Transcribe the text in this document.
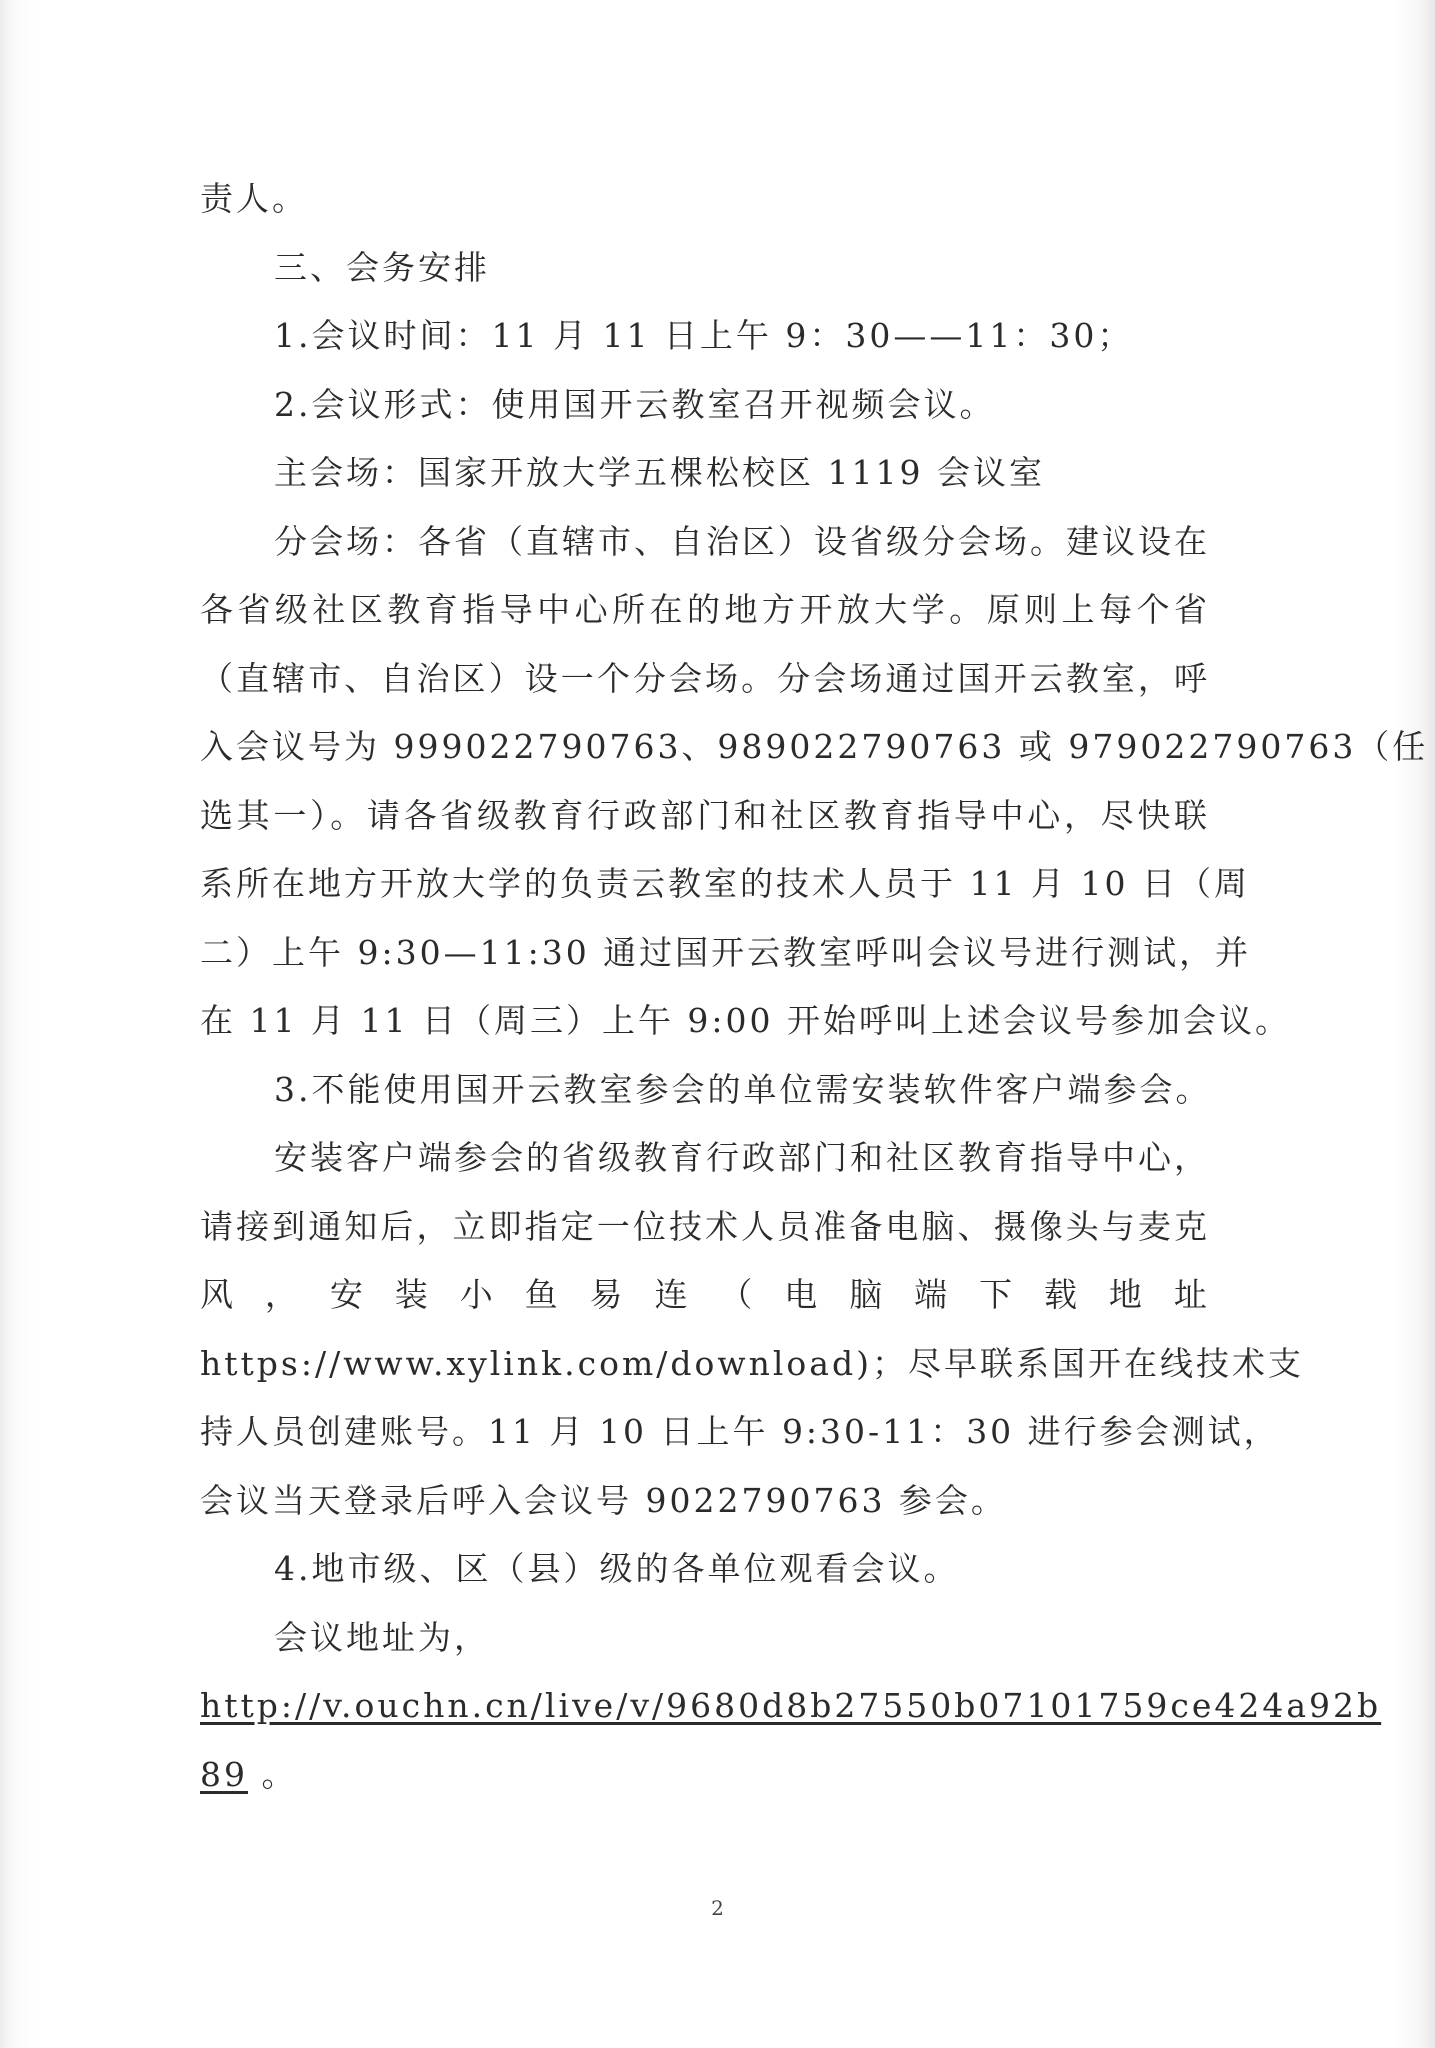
责人。
三、会务安排
1.会议时间：11 月 11 日上午 9：30——11：30；
2.会议形式：使用国开云教室召开视频会议。
主会场：国家开放大学五棵松校区 1119 会议室
分会场：各省（直辖市、自治区）设省级分会场。建议设在
各省级社区教育指导中心所在的地方开放大学。原则上每个省
（直辖市、自治区）设一个分会场。分会场通过国开云教室，呼
入会议号为 999022790763、989022790763 或 979022790763（任
选其一）。请各省级教育行政部门和社区教育指导中心，尽快联
系所在地方开放大学的负责云教室的技术人员于 11 月 10 日（周
二）上午 9:30—11:30 通过国开云教室呼叫会议号进行测试，并
在 11 月 11 日（周三）上午 9:00 开始呼叫上述会议号参加会议。
3.不能使用国开云教室参会的单位需安装软件客户端参会。
安装客户端参会的省级教育行政部门和社区教育指导中心，
请接到通知后，立即指定一位技术人员准备电脑、摄像头与麦克
风 ， 安 装 小 鱼 易 连 （ 电 脑 端 下 载 地 址
https://www.xylink.com/download)；尽早联系国开在线技术支
持人员创建账号。11 月 10 日上午 9:30-11：30 进行参会测试，
会议当天登录后呼入会议号 9022790763 参会。
4.地市级、区（县）级的各单位观看会议。
会议地址为，
http://v.ouchn.cn/live/v/9680d8b27550b07101759ce424a92b
89 。
2
